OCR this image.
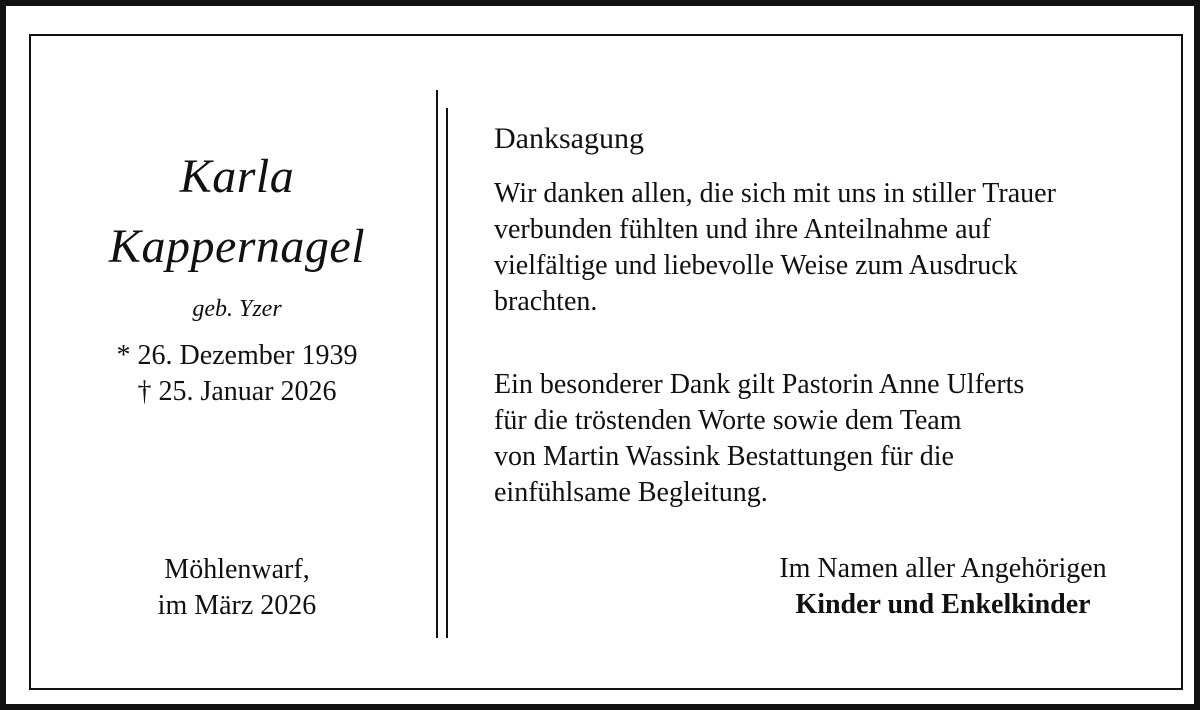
Karla
Kappernagel
geb. Yzer
* 26. Dezember 1939
† 25. Januar 2026
Möhlenwarf,
im März 2026
Danksagung
Wir danken allen, die sich mit uns in stiller Trauer
verbunden fühlten und ihre Anteilnahme auf
vielfältige und liebevolle Weise zum Ausdruck
brachten.
Ein besonderer Dank gilt Pastorin Anne Ulferts
für die tröstenden Worte sowie dem Team
von Martin Wassink Bestattungen für die
einfühlsame Begleitung.
Im Namen aller Angehörigen
Kinder und Enkelkinder
